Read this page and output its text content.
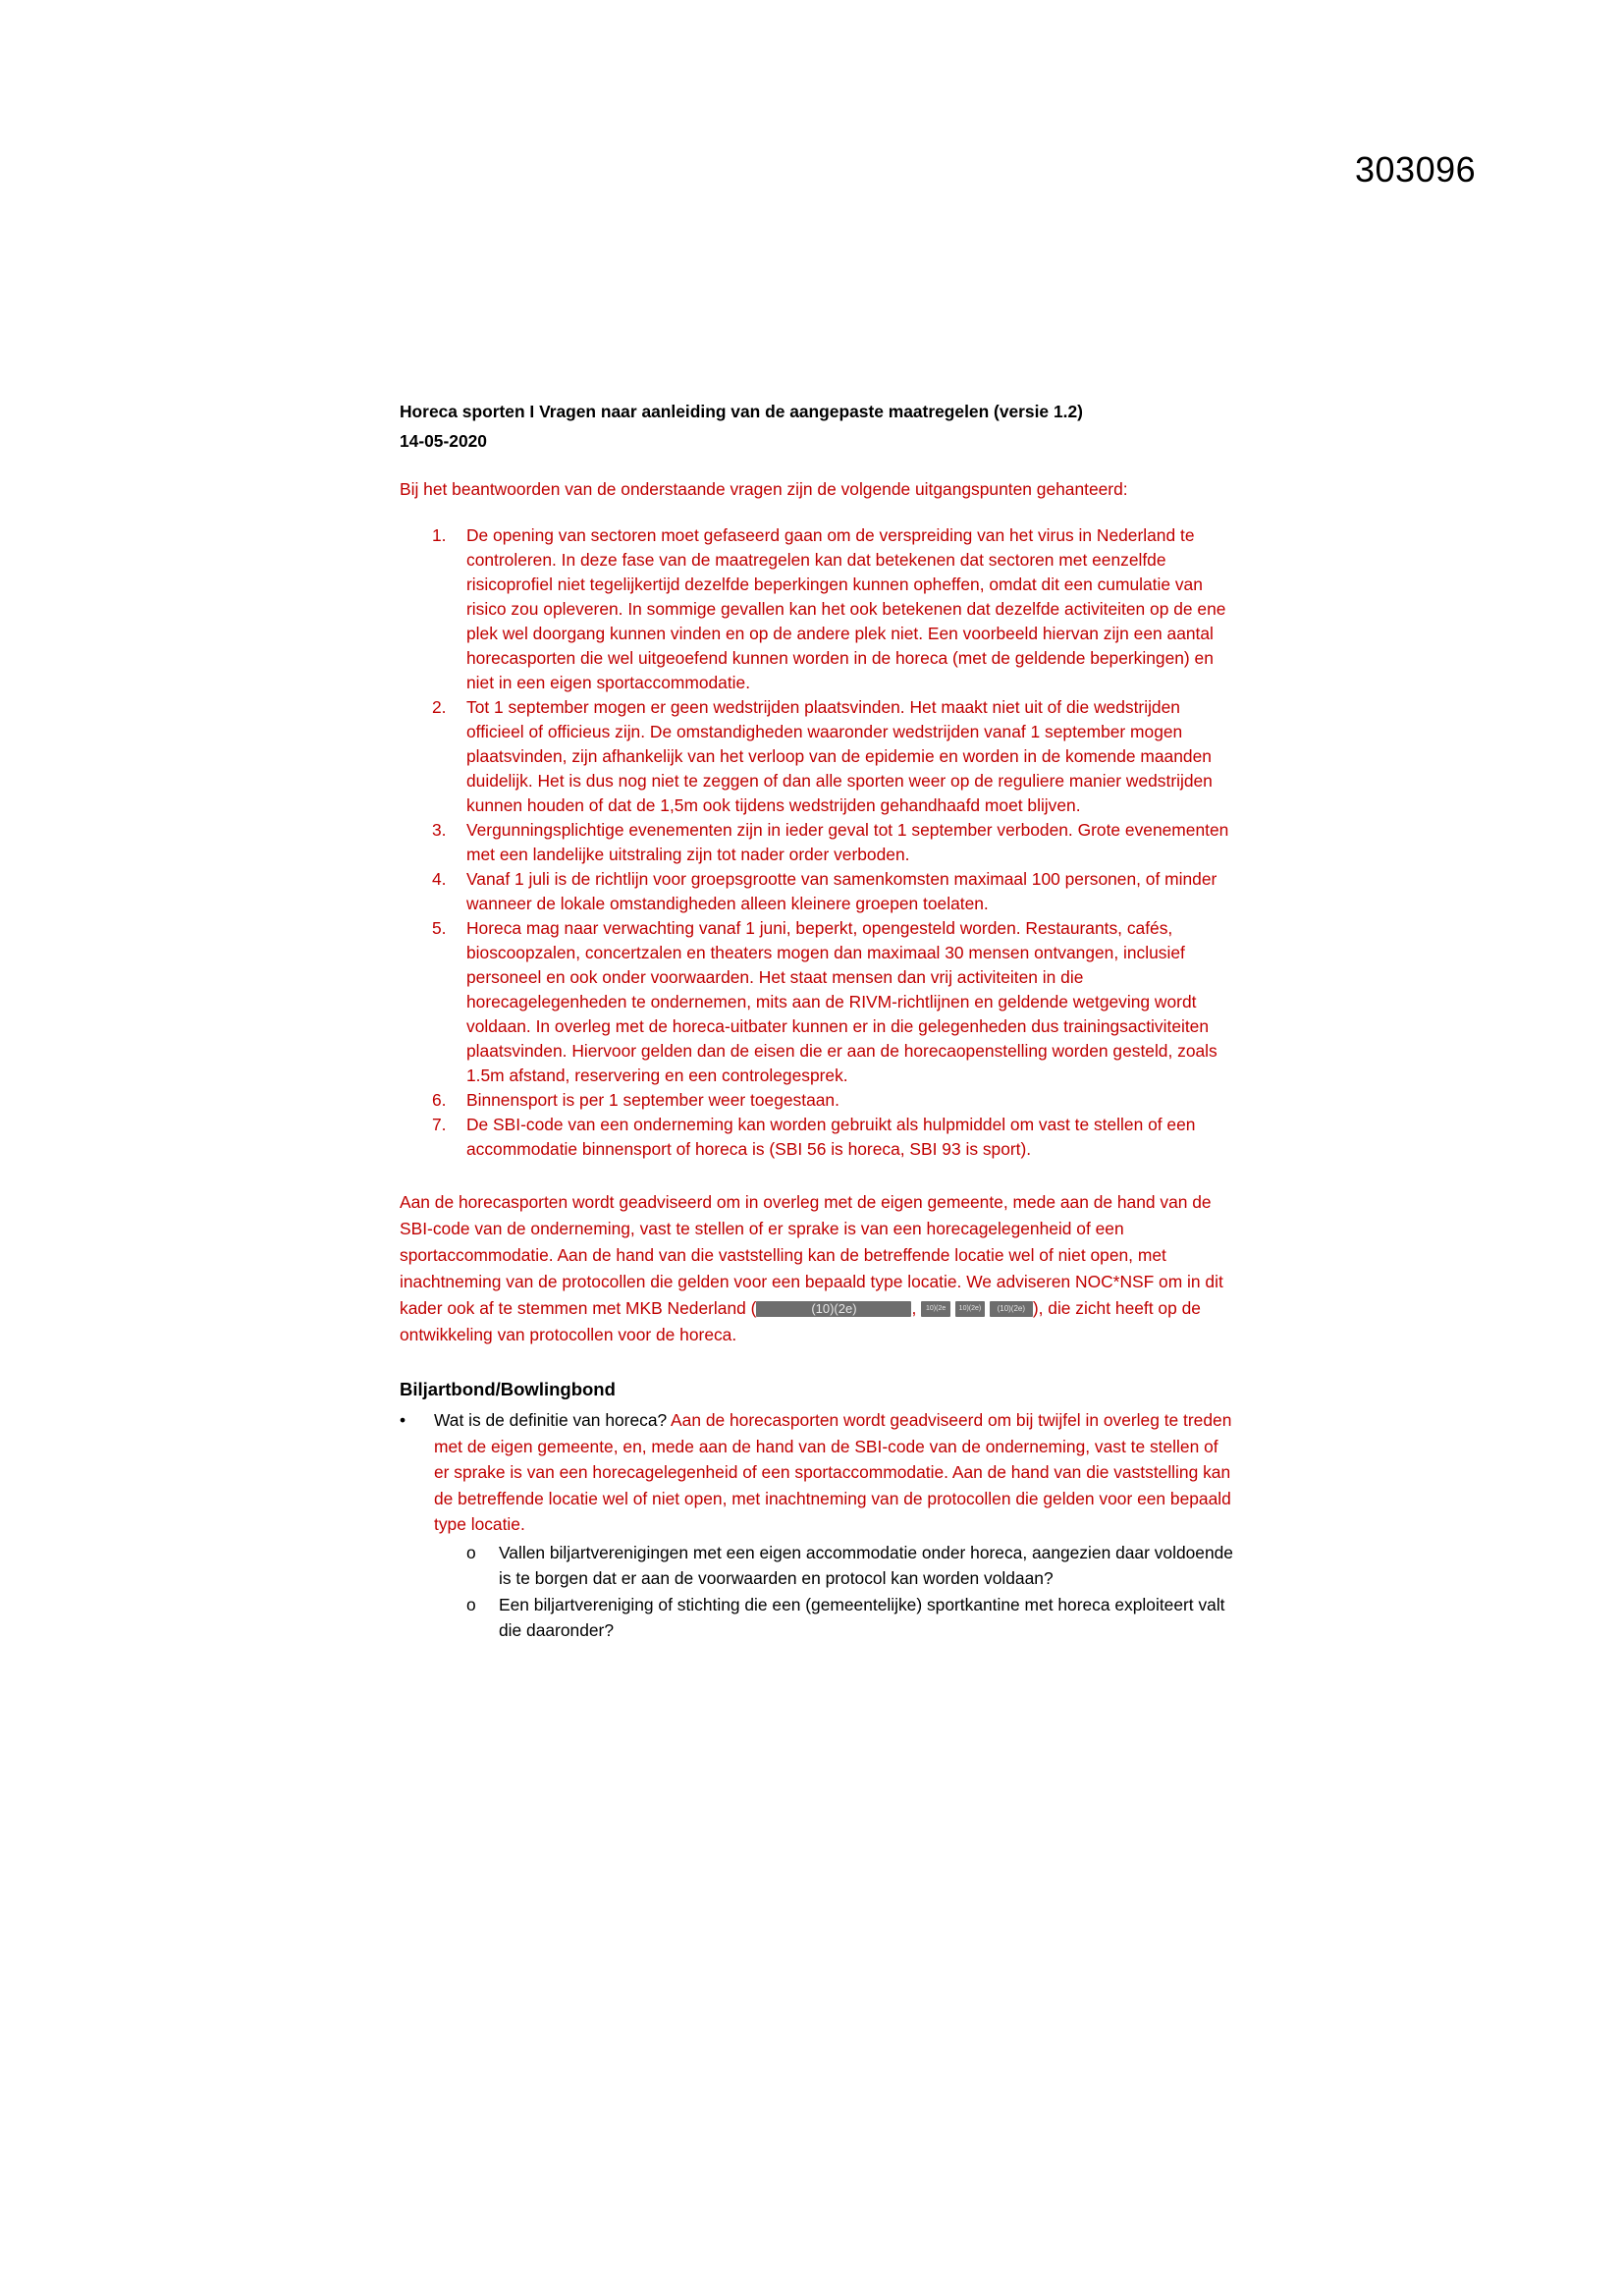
303096
Horeca sporten I Vragen naar aanleiding van de aangepaste maatregelen (versie 1.2)
14-05-2020
Bij het beantwoorden van de onderstaande vragen zijn de volgende uitgangspunten gehanteerd:
1. De opening van sectoren moet gefaseerd gaan om de verspreiding van het virus in Nederland te controleren. In deze fase van de maatregelen kan dat betekenen dat sectoren met eenzelfde risicoprofiel niet tegelijkertijd dezelfde beperkingen kunnen opheffen, omdat dit een cumulatie van risico zou opleveren. In sommige gevallen kan het ook betekenen dat dezelfde activiteiten op de ene plek wel doorgang kunnen vinden en op de andere plek niet. Een voorbeeld hiervan zijn een aantal horecasporten die wel uitgeoefend kunnen worden in de horeca (met de geldende beperkingen) en niet in een eigen sportaccommodatie.
2. Tot 1 september mogen er geen wedstrijden plaatsvinden. Het maakt niet uit of die wedstrijden officieel of officieus zijn. De omstandigheden waaronder wedstrijden vanaf 1 september mogen plaatsvinden, zijn afhankelijk van het verloop van de epidemie en worden in de komende maanden duidelijk. Het is dus nog niet te zeggen of dan alle sporten weer op de reguliere manier wedstrijden kunnen houden of dat de 1,5m ook tijdens wedstrijden gehandhaafd moet blijven.
3. Vergunningsplichtige evenementen zijn in ieder geval tot 1 september verboden. Grote evenementen met een landelijke uitstraling zijn tot nader order verboden.
4. Vanaf 1 juli is de richtlijn voor groepsgrootte van samenkomsten maximaal 100 personen, of minder wanneer de lokale omstandigheden alleen kleinere groepen toelaten.
5. Horeca mag naar verwachting vanaf 1 juni, beperkt, opengesteld worden. Restaurants, cafés, bioscoopzalen, concertzalen en theaters mogen dan maximaal 30 mensen ontvangen, inclusief personeel en ook onder voorwaarden. Het staat mensen dan vrij activiteiten in die horecagelegenheden te ondernemen, mits aan de RIVM-richtlijnen en geldende wetgeving wordt voldaan. In overleg met de horeca-uitbater kunnen er in die gelegenheden dus trainingsactiviteiten plaatsvinden. Hiervoor gelden dan de eisen die er aan de horecaopenstelling worden gesteld, zoals 1.5m afstand, reservering en een controlegesprek.
6. Binnensport is per 1 september weer toegestaan.
7. De SBI-code van een onderneming kan worden gebruikt als hulpmiddel om vast te stellen of een accommodatie binnensport of horeca is (SBI 56 is horeca, SBI 93 is sport).
Aan de horecasporten wordt geadviseerd om in overleg met de eigen gemeente, mede aan de hand van de SBI-code van de onderneming, vast te stellen of er sprake is van een horecagelegenheid of een sportaccommodatie. Aan de hand van die vaststelling kan de betreffende locatie wel of niet open, met inachtneming van de protocollen die gelden voor een bepaald type locatie. We adviseren NOC*NSF om in dit kader ook af te stemmen met MKB Nederland (	(10)(2e)	, 10)(2e 10)(2e) (10)(2e) ), die zicht heeft op de ontwikkeling van protocollen voor de horeca.
Biljartbond/Bowlingbond
• Wat is de definitie van horeca? Aan de horecasporten wordt geadviseerd om bij twijfel in overleg te treden met de eigen gemeente, en, mede aan de hand van de SBI-code van de onderneming, vast te stellen of er sprake is van een horecagelegenheid of een sportaccommodatie. Aan de hand van die vaststelling kan de betreffende locatie wel of niet open, met inachtneming van de protocollen die gelden voor een bepaald type locatie.
o Vallen biljartverenigingen met een eigen accommodatie onder horeca, aangezien daar voldoende is te borgen dat er aan de voorwaarden en protocol kan worden voldaan?
o Een biljartvereniging of stichting die een (gemeentelijke) sportkantine met horeca exploiteert valt die daaronder?
